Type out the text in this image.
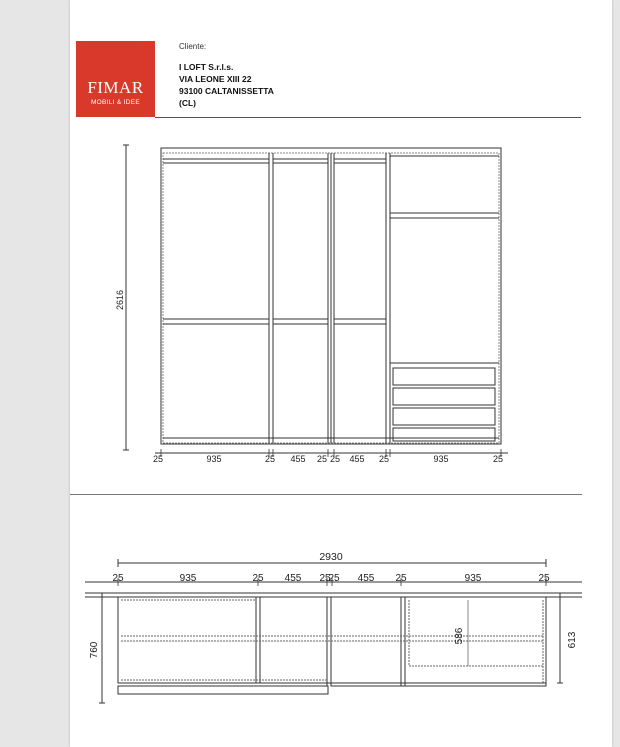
FIMAR
MOBILI & IDEE
Cliente:
I LOFT S.r.l.s.
VIA LEONE XIII 22
93100 CALTANISSETTA
(CL)
2616
25	935	25 455 25 25 455 25	935	25
2930
25	935	25 455 25
25 455 25	935	25
760
613
586
